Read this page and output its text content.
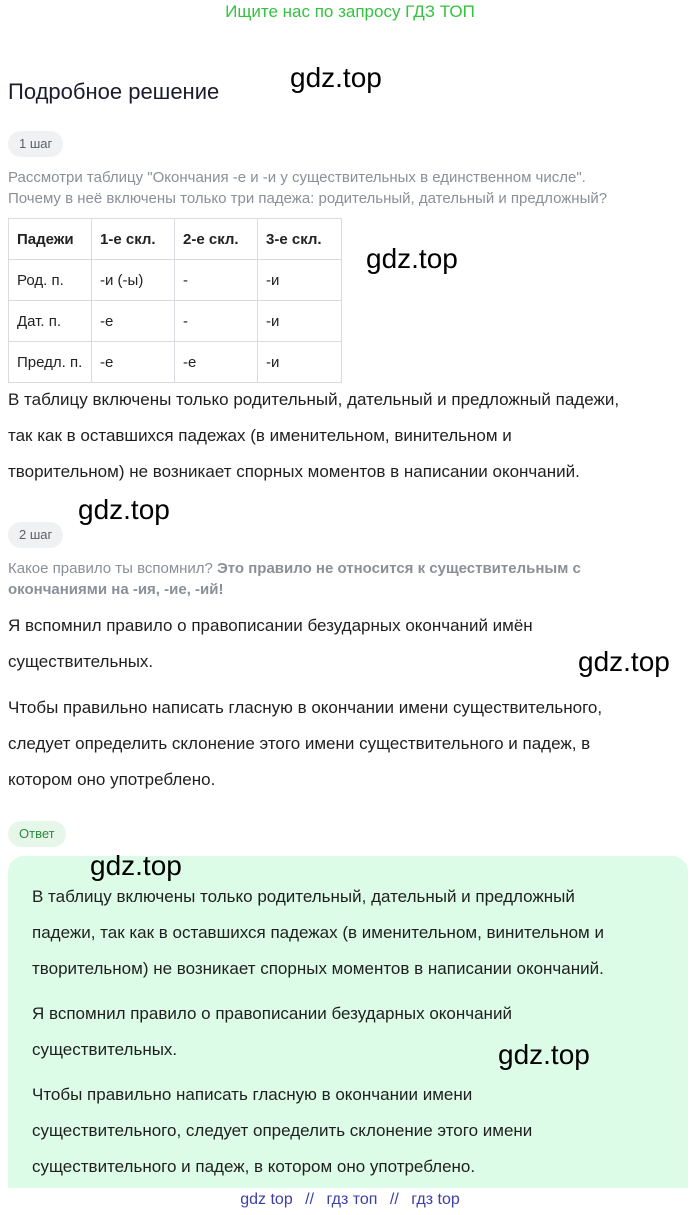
Ищите нас по запросу ГДЗ ТОП
Подробное решение
1 шаг
Рассмотри таблицу "Окончания -е и -и у существительных в единственном числе".
Почему в неё включены только три падежа: родительный, дательный и предложный?
Падежи	1-е скл.	2-е скл.	3-е скл.
Род. п.	-и (-ы)	-	-и
Дат. п.	-е	-	-и
Предл. п.	-е	-е	-и
В таблицу включены только родительный, дательный и предложный падежи,
так как в оставшихся падежах (в именительном, винительном и
творительном) не возникает спорных моментов в написании окончаний.
2 шаг
Какое правило ты вспомнил? Это правило не относится к существительным с
окончаниями на -ия, -ие, -ий!
Я вспомнил правило о правописании безударных окончаний имён
существительных.
Чтобы правильно написать гласную в окончании имени существительного,
следует определить склонение этого имени существительного и падеж, в
котором оно употреблено.
Ответ
В таблицу включены только родительный, дательный и предложный
падежи, так как в оставшихся падежах (в именительном, винительном и
творительном) не возникает спорных моментов в написании окончаний.
Я вспомнил правило о правописании безударных окончаний
существительных.
Чтобы правильно написать гласную в окончании имени
существительного, следует определить склонение этого имени
существительного и падеж, в котором оно употреблено.
gdz top // гдз топ // гдз top
gdz.top
gdz.top
gdz.top
gdz.top
gdz.top
gdz.top
